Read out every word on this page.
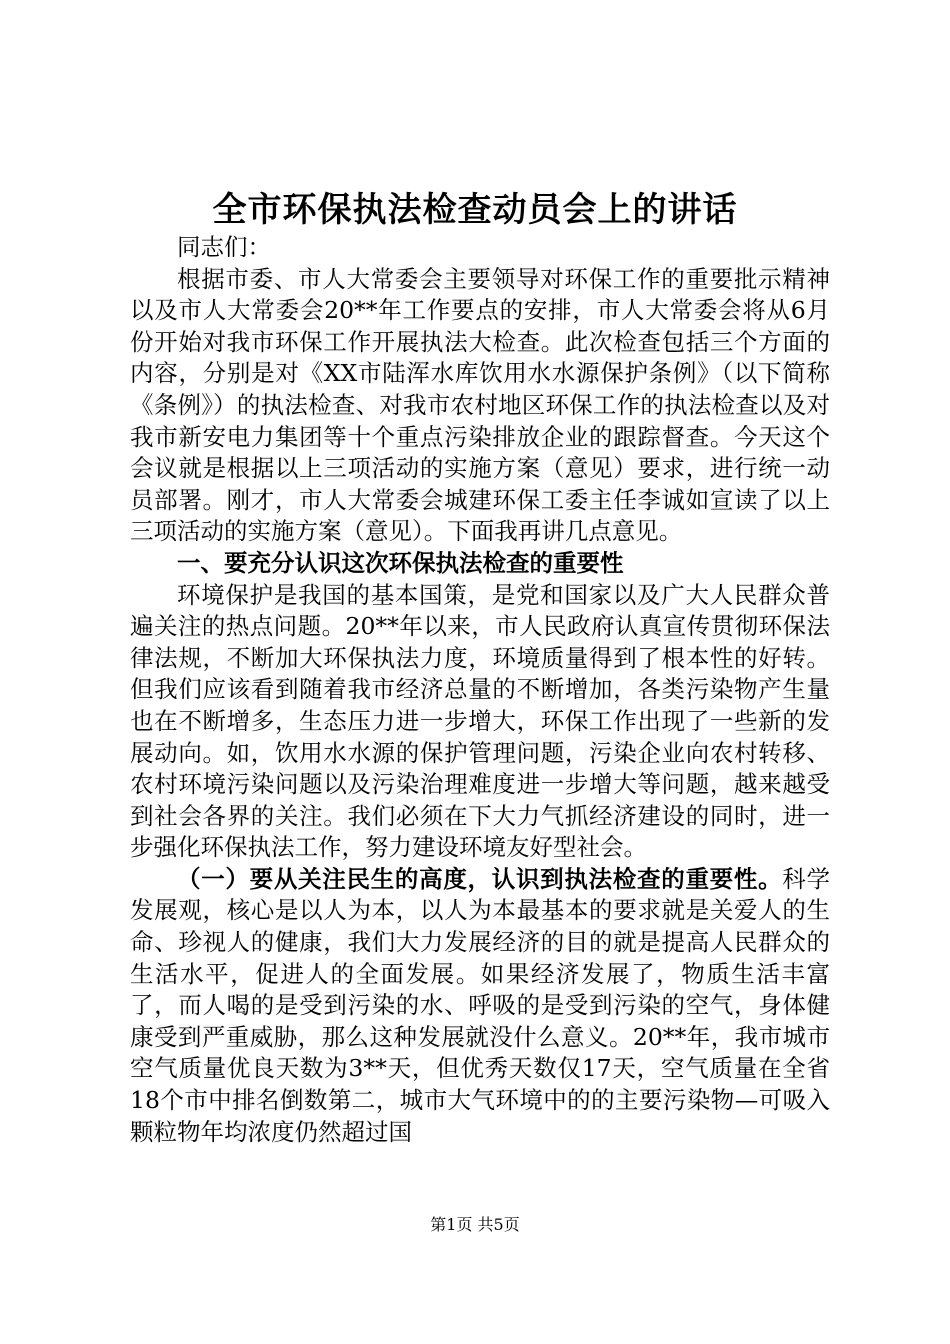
全市环保执法检查动员会上的讲话

同志们：

根据市委、市人大常委会主要领导对环保工作的重要批示精神以及市人大常委会20**年工作要点的安排，市人大常委会将从6月份开始对我市环保工作开展执法大检查。此次检查包括三个方面的内容，分别是对《XX市陆浑水库饮用水水源保护条例》（以下简称《条例》）的执法检查、对我市农村地区环保工作的执法检查以及对我市新安电力集团等十个重点污染排放企业的跟踪督查。今天这个会议就是根据以上三项活动的实施方案（意见）要求，进行统一动员部署。刚才，市人大常委会城建环保工委主任李诚如宣读了以上三项活动的实施方案（意见）。下面我再讲几点意见。

一、要充分认识这次环保执法检查的重要性

环境保护是我国的基本国策，是党和国家以及广大人民群众普遍关注的热点问题。20**年以来，市人民政府认真宣传贯彻环保法律法规，不断加大环保执法力度，环境质量得到了根本性的好转。但我们应该看到随着我市经济总量的不断增加，各类污染物产生量也在不断增多，生态压力进一步增大，环保工作出现了一些新的发展动向。如，饮用水水源的保护管理问题，污染企业向农村转移、农村环境污染问题以及污染治理难度进一步增大等问题，越来越受到社会各界的关注。我们必须在下大力气抓经济建设的同时，进一步强化环保执法工作，努力建设环境友好型社会。

（一）要从关注民生的高度，认识到执法检查的重要性。科学发展观，核心是以人为本，以人为本最基本的要求就是关爱人的生命、珍视人的健康，我们大力发展经济的目的就是提高人民群众的生活水平，促进人的全面发展。如果经济发展了，物质生活丰富了，而人喝的是受到污染的水、呼吸的是受到污染的空气，身体健康受到严重威胁，那么这种发展就没什么意义。20**年，我市城市空气质量优良天数为3**天，但优秀天数仅17天，空气质量在全省18个市中排名倒数第二，城市大气环境中的的主要污染物—可吸入颗粒物年均浓度仍然超过国

第1页 共5页
